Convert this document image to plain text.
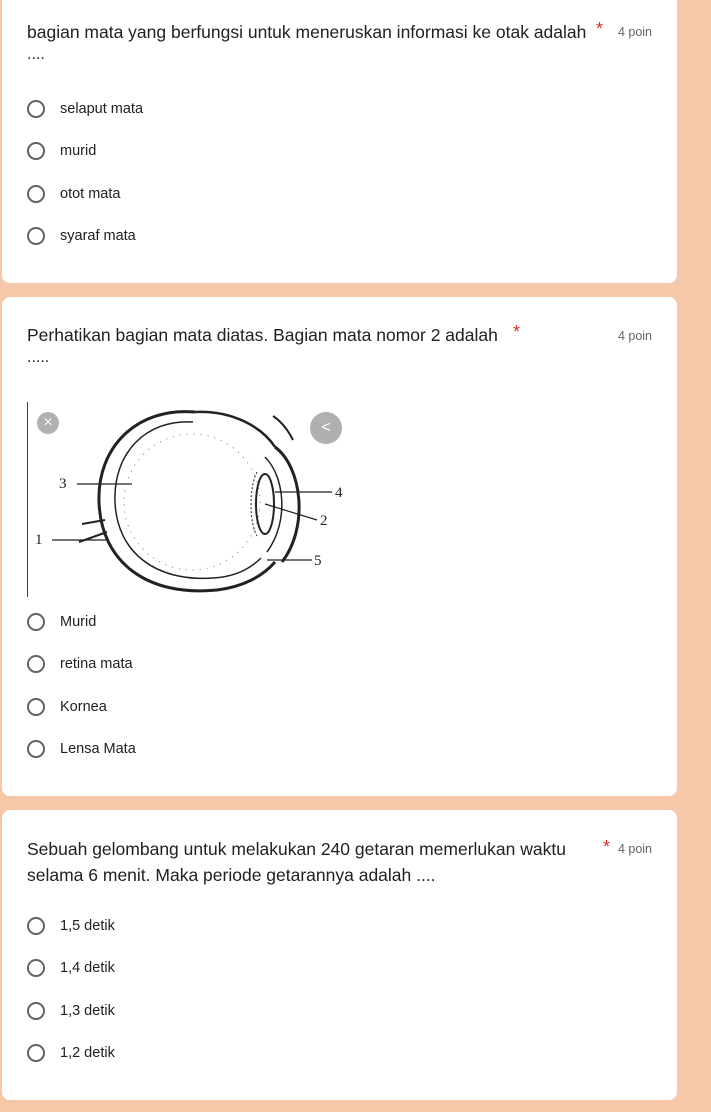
bagian mata yang berfungsi untuk meneruskan informasi ke otak adalah * 4 poin
....
selaput mata
murid
otot mata
syaraf mata
Perhatikan bagian mata diatas. Bagian mata nomor 2 adalah *	4 poin
.....
3
1
4
2
5
×	<
Murid
retina mata
Kornea
Lensa Mata
Sebuah gelombang untuk melakukan 240 getaran memerlukan waktu
selama 6 menit. Maka periode getarannya adalah ....
* 4 poin
1,5 detik
1,4 detik
1,3 detik
1,2 detik
